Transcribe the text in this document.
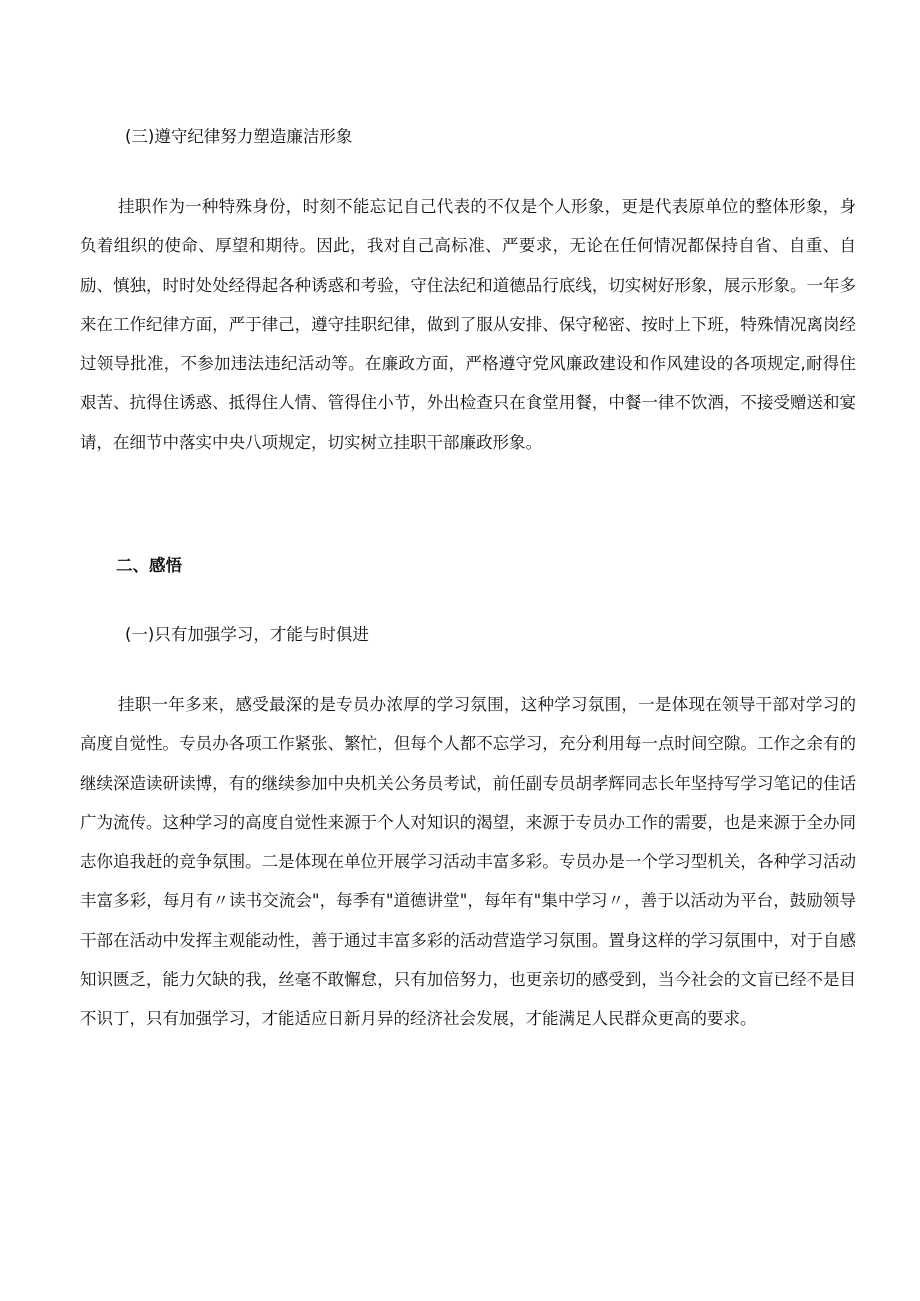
(三)遵守纪律努力塑造廉洁形象

挂职作为一种特殊身份，时刻不能忘记自己代表的不仅是个人形象，更是代表原单位的整体形象，身负着组织的使命、厚望和期待。因此，我对自己高标准、严要求，无论在任何情况都保持自省、自重、自励、慎独，时时处处经得起各种诱惑和考验，守住法纪和道德品行底线，切实树好形象，展示形象。一年多来在工作纪律方面，严于律己，遵守挂职纪律，做到了服从安排、保守秘密、按时上下班，特殊情况离岗经过领导批准，不参加违法违纪活动等。在廉政方面，严格遵守党风廉政建设和作风建设的各项规定,耐得住艰苦、抗得住诱惑、抵得住人情、管得住小节，外出检查只在食堂用餐，中餐一律不饮酒，不接受赠送和宴请，在细节中落实中央八项规定，切实树立挂职干部廉政形象。

二、感悟
(一)只有加强学习，才能与时俱进

挂职一年多来，感受最深的是专员办浓厚的学习氛围，这种学习氛围，一是体现在领导干部对学习的高度自觉性。专员办各项工作紧张、繁忙，但每个人都不忘学习，充分利用每一点时间空隙。工作之余有的继续深造读研读博，有的继续参加中央机关公务员考试，前任副专员胡孝辉同志长年坚持写学习笔记的佳话广为流传。这种学习的高度自觉性来源于个人对知识的渴望，来源于专员办工作的需要，也是来源于全办同志你追我赶的竞争氛围。二是体现在单位开展学习活动丰富多彩。专员办是一个学习型机关，各种学习活动丰富多彩，每月有〃读书交流会"，每季有"道德讲堂"，每年有"集中学习〃，善于以活动为平台，鼓励领导干部在活动中发挥主观能动性，善于通过丰富多彩的活动营造学习氛围。置身这样的学习氛围中，对于自感知识匮乏，能力欠缺的我，丝毫不敢懈怠，只有加倍努力，也更亲切的感受到，当今社会的文盲已经不是目不识丁，只有加强学习，才能适应日新月异的经济社会发展，才能满足人民群众更高的要求。
